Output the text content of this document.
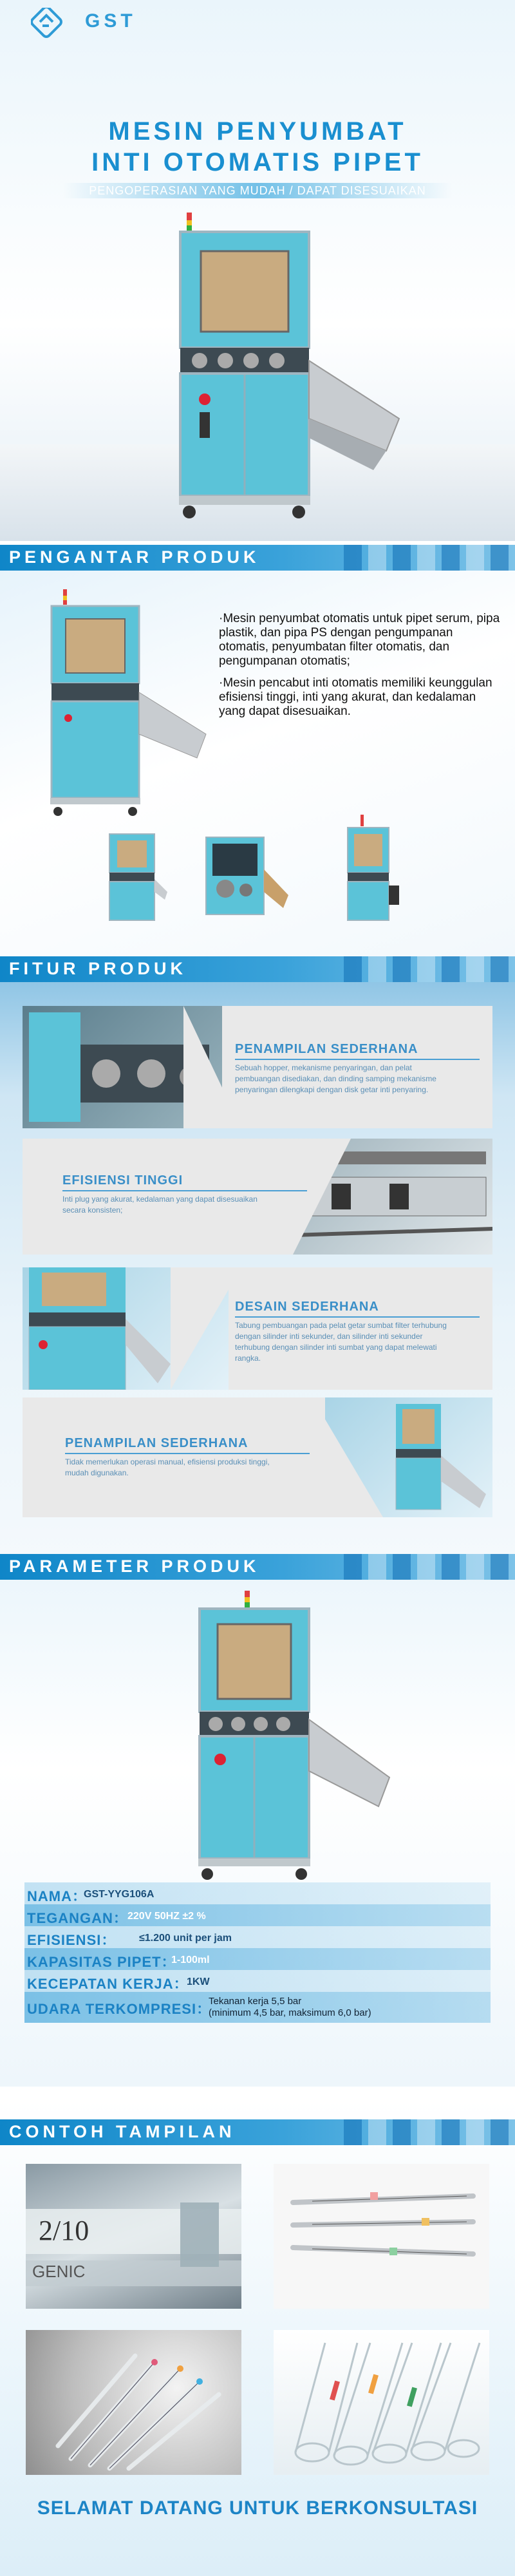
GST
MESIN PENYUMBAT
INTI OTOMATIS PIPET
PENGOPERASIAN YANG MUDAH / DAPAT DISESUAIKAN
PENGANTAR PRODUK

·Mesin penyumbat otomatis untuk pipet serum, pipa plastik, dan pipa PS dengan pengumpanan otomatis, penyumbatan filter otomatis, dan pengumpanan otomatis;

·Mesin pencabut inti otomatis memiliki keunggulan efisiensi tinggi, inti yang akurat, dan kedalaman yang dapat disesuaikan.

FITUR PRODUK
PENAMPILAN SEDERHANA
Sebuah hopper, mekanisme penyaringan, dan pelat pembuangan disediakan, dan dinding samping mekanisme penyaringan dilengkapi dengan disk getar inti penyaring.
EFISIENSI TINGGI
Inti plug yang akurat, kedalaman yang dapat disesuaikan secara konsisten;
DESAIN SEDERHANA
Tabung pembuangan pada pelat getar sumbat filter terhubung dengan silinder inti sekunder, dan silinder inti sekunder terhubung dengan silinder inti sumbat yang dapat melewati rangka.
PENAMPILAN SEDERHANA
Tidak memerlukan operasi manual, efisiensi produksi tinggi, mudah digunakan.
PARAMETER PRODUK
NAMA：
GST-YYG106A
TEGANGAN： 220V 50HZ ±2 %
EFISIENSI： ≤1.200 unit per jam
KAPASITAS PIPET：
1-100ml
KECEPATAN KERJA：
1KW
UDARA TERKOMPRESI：
Tekanan kerja 5,5 bar
(minimum 4,5 bar, maksimum 6,0 bar)
CONTOH TAMPILAN
2/10
GENIC
SELAMAT DATANG UNTUK BERKONSULTASI
